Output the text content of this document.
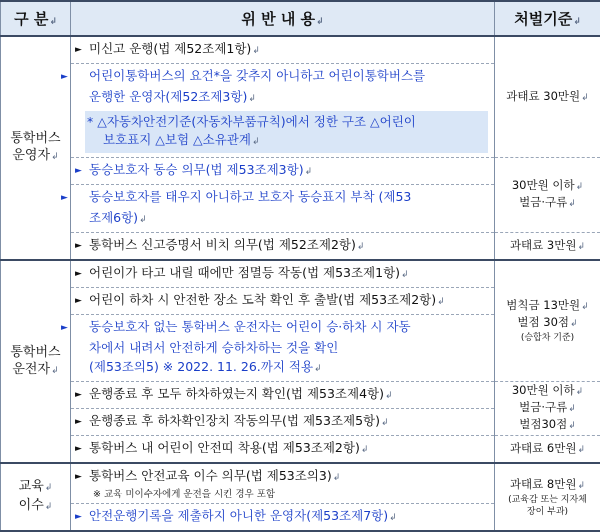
구 분↲	위 반 내 용↲	처벌기준↲
통학버스
운영자↲	► 미신고 운행(법 제52조제1항)↲	과태료 30만원↲

	► 어린이통학버스의 요건*을 갖추지 아니하고 어린이통학버스를
운행한 운영자(제52조제3항)↲
* △자동차안전기준(자동차부품규칙)에서 정한 구조 △어린이
보호표지 △보험 △소유관계↲	

	► 동승보호자 동승 의무(법 제53조제3항)↲	30만원 이하↲
벌금·구류↲

	► 동승보호자를 태우지 아니하고 보호자 동승표지 부착 (제53
조제6항)↲	

	► 통학버스 신고증명서 비치 의무(법 제52조제2항)↲	과태료 3만원↲
통학버스
운전자↲	► 어린이가 타고 내릴 때에만 점멸등 작동(법 제53조제1항)↲	범칙금 13만원↲
벌점 30점↲

(승합차 기준)

	► 어린이 하차 시 안전한 장소 도착 확인 후 출발(법 제53조제2항)↲	

	► 동승보호자 없는 통학버스 운전자는 어린이 승·하차 시 자동
차에서 내려서 안전하게 승하차하는 것을 확인
(제53조의5) ※ 2022. 11. 26.까지 적용↲	

	► 운행종료 후 모두 하차하였는지 확인(법 제53조제4항)↲	30만원 이하↲
벌금·구류↲
벌점30점↲
	► 운행종료 후 하차확인장치 작동의무(법 제53조제5항)↲	
	► 통학버스 내 어린이 안전띠 착용(법 제53조제2항)↲	과태료 6만원↲
교육↲
이수↲	► 통학버스 안전교육 이수 의무(법 제53조의3)↲
※ 교육 미이수자에게 운전을 시킨 경우 포함	과태료 8만원↲

(교육감 또는 지자체
장이 부과)

	► 안전운행기록을 제출하지 아니한 운영자(제53조제7항)↲	
